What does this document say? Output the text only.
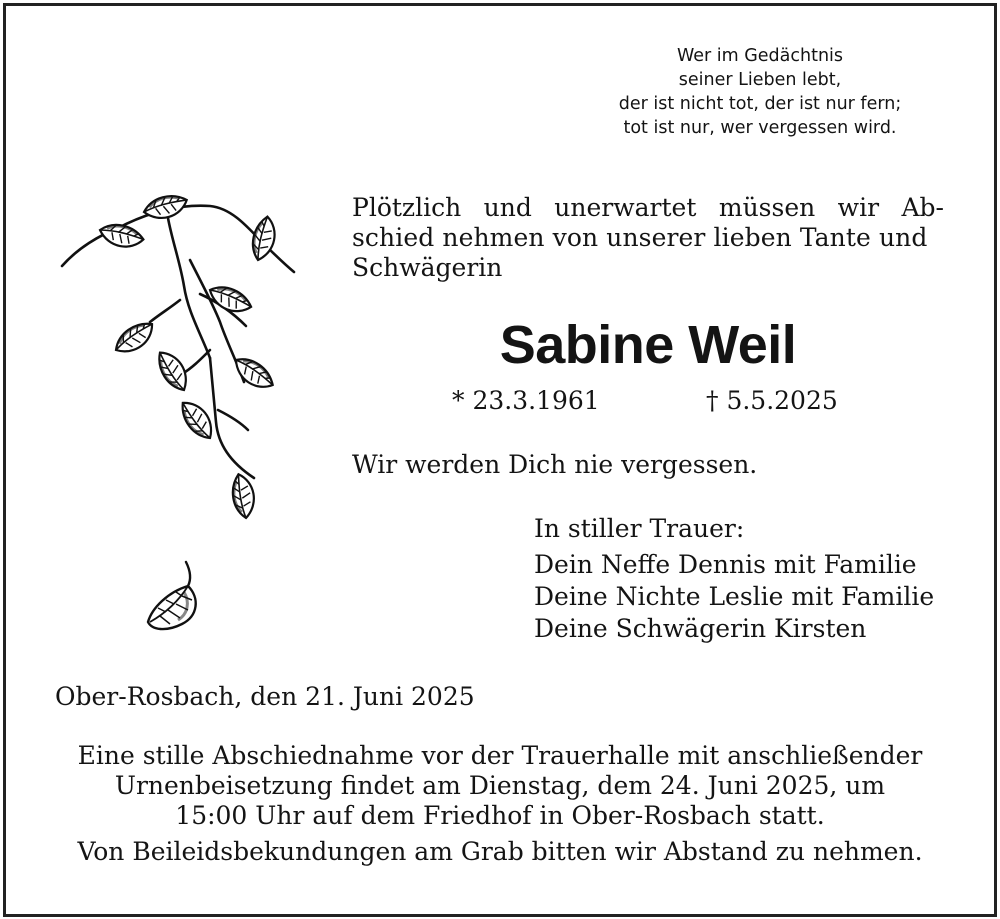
Wer im Gedächtnis
seiner Lieben lebt,
der ist nicht tot, der ist nur fern;
tot ist nur, wer vergessen wird.
Plötzlich und unerwartet müssen wir Ab-
schied nehmen von unserer lieben Tante und
Schwägerin
Sabine Weil
* 23.3.1961	† 5.5.2025
Wir werden Dich nie vergessen.
In stiller Trauer:
Dein Neffe Dennis mit Familie
Deine Nichte Leslie mit Familie
Deine Schwägerin Kirsten
Ober-Rosbach, den 21. Juni 2025
Eine stille Abschiednahme vor der Trauerhalle mit anschließender
Urnenbeisetzung findet am Dienstag, dem 24. Juni 2025, um
15:00 Uhr auf dem Friedhof in Ober-Rosbach statt.
Von Beileidsbekundungen am Grab bitten wir Abstand zu nehmen.
